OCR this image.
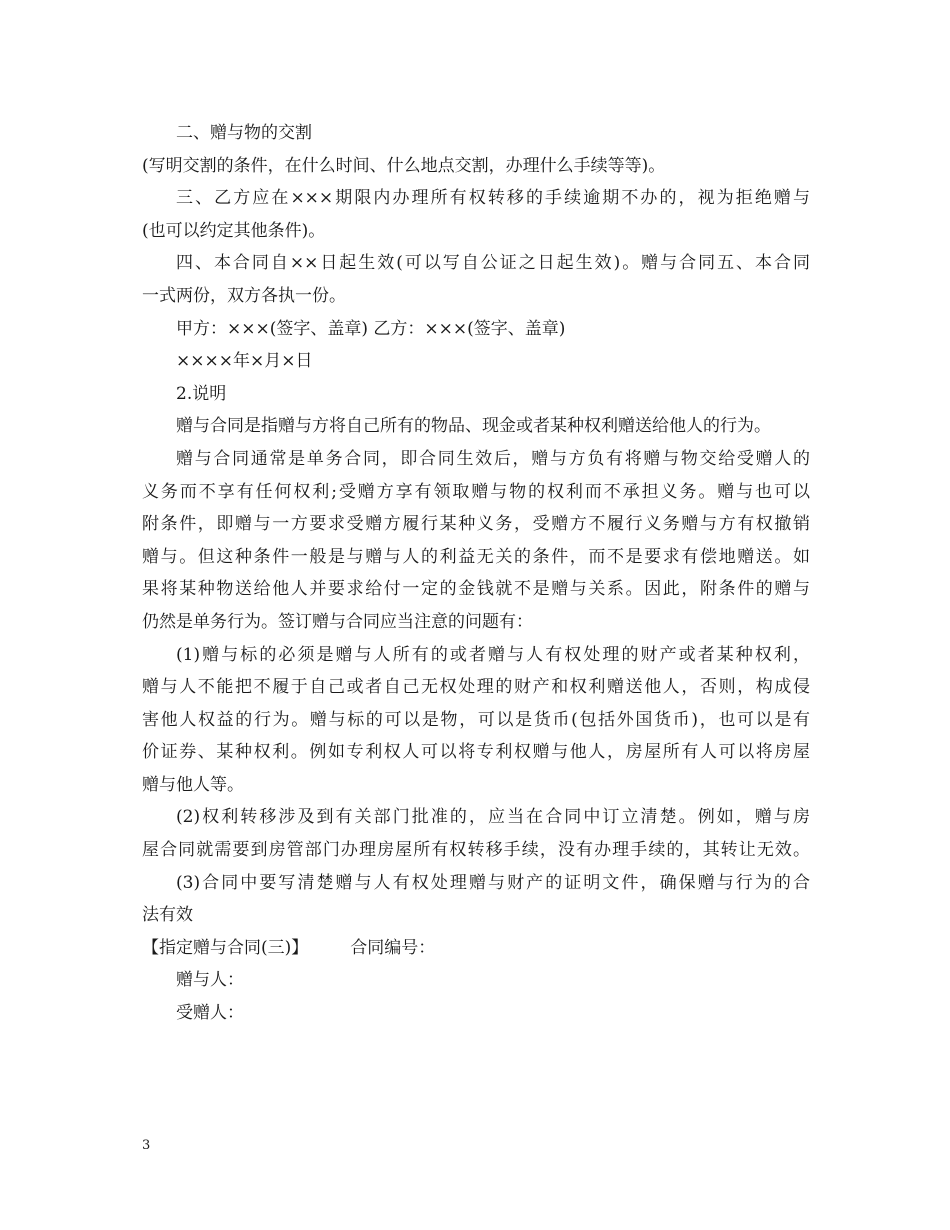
二、赠与物的交割
(写明交割的条件，在什么时间、什么地点交割，办理什么手续等等)。
三、乙方应在×××期限内办理所有权转移的手续逾期不办的，视为拒绝赠与
(也可以约定其他条件)。
四、本合同自××日起生效(可以写自公证之日起生效)。赠与合同五、本合同
一式两份，双方各执一份。
甲方：×××(签字、盖章) 乙方：×××(签字、盖章)
××××年×月×日
2.说明
赠与合同是指赠与方将自己所有的物品、现金或者某种权利赠送给他人的行为。
赠与合同通常是单务合同，即合同生效后，赠与方负有将赠与物交给受赠人的
义务而不享有任何权利;受赠方享有领取赠与物的权利而不承担义务。赠与也可以
附条件，即赠与一方要求受赠方履行某种义务，受赠方不履行义务赠与方有权撤销
赠与。但这种条件一般是与赠与人的利益无关的条件，而不是要求有偿地赠送。如
果将某种物送给他人并要求给付一定的金钱就不是赠与关系。因此，附条件的赠与
仍然是单务行为。签订赠与合同应当注意的问题有：
(1)赠与标的必须是赠与人所有的或者赠与人有权处理的财产或者某种权利，
赠与人不能把不履于自己或者自己无权处理的财产和权利赠送他人，否则，构成侵
害他人权益的行为。赠与标的可以是物，可以是货币(包括外国货币)，也可以是有
价证券、某种权利。例如专利权人可以将专利权赠与他人，房屋所有人可以将房屋
赠与他人等。
(2)权利转移涉及到有关部门批准的，应当在合同中订立清楚。例如，赠与房
屋合同就需要到房管部门办理房屋所有权转移手续，没有办理手续的，其转让无效。
(3)合同中要写清楚赠与人有权处理赠与财产的证明文件，确保赠与行为的合
法有效
【指定赠与合同(三)】 合同编号：
赠与人：
受赠人：
3
